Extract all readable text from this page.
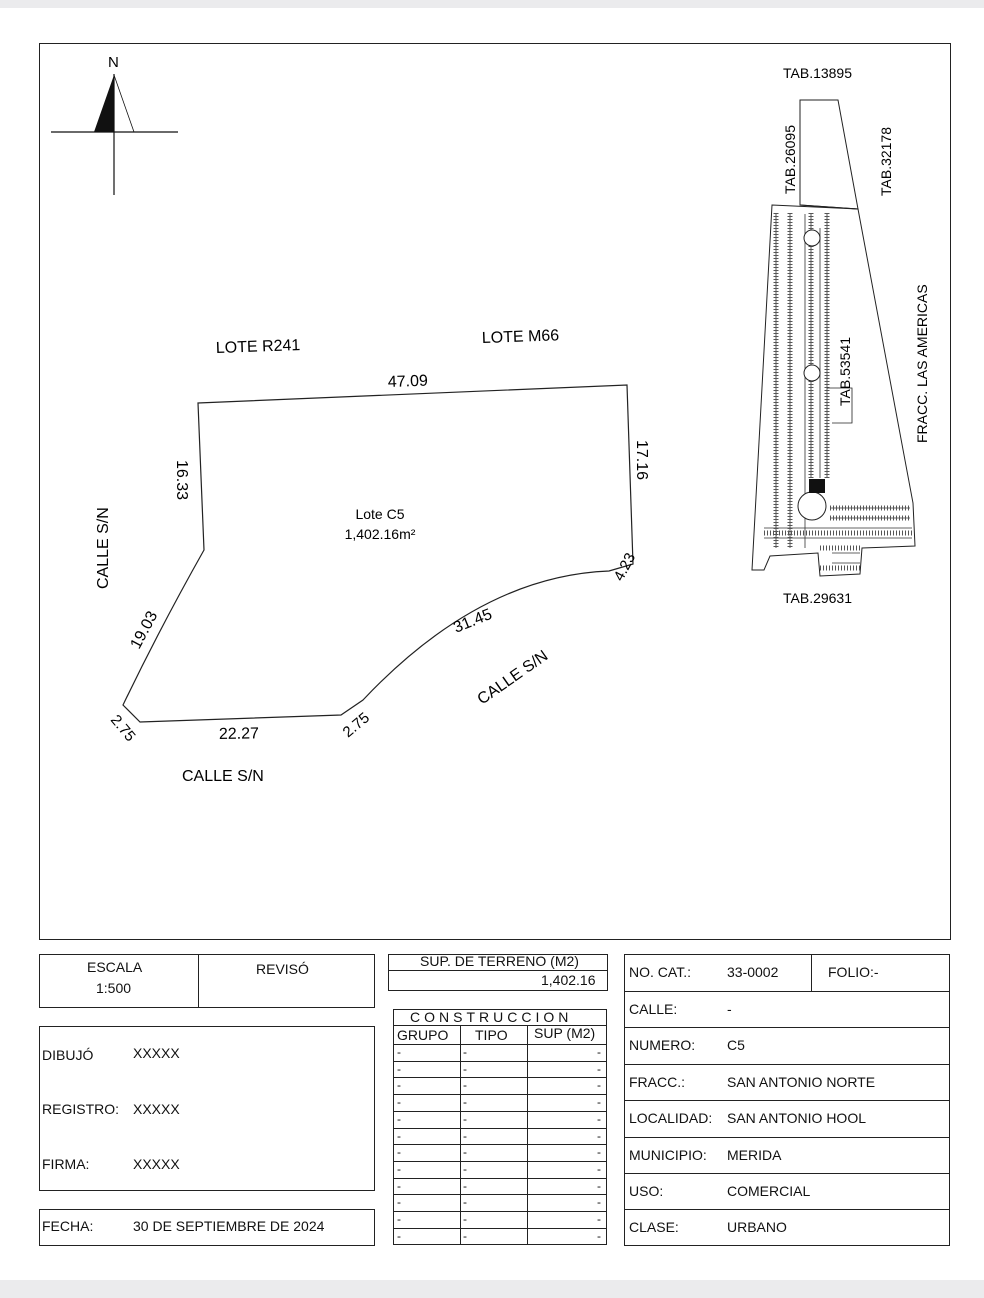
N
LOTE R241	LOTE M66
47.09
16.33	17.16
4.23
31.45
2.75
22.27
2.75
19.03
Lote C5
1,402.16m²
CALLE S/N
CALLE S/N
CALLE S/N
TAB.13895
TAB.26095	TAB.32178
TAB.53541	FRACC. LAS AMERICAS
TAB.29631
ESCALA
1:500
REVISÓ
DIBUJÓ	XXXXX
REGISTRO: XXXXX
FIRMA:	XXXXX
FECHA:	30 DE SEPTIEMBRE DE 2024
SUP. DE TERRENO (M2)
1,402.16
CONSTRUCCION
GRUPO TIPO SUP (M2)
-	-	-
-	-	-
-	-	-
-	-	-
-	-	-
-	-	-
-	-	-
-	-	-
-	-	-
-	-	-
-	-	-
-	-	-
NO. CAT.:	33-0002	FOLIO:-
CALLE:	-
NUMERO: C5
FRACC.:	SAN ANTONIO NORTE
LOCALIDAD: SAN ANTONIO HOOL
MUNICIPIO: MERIDA
USO:	COMERCIAL
CLASE:	URBANO
